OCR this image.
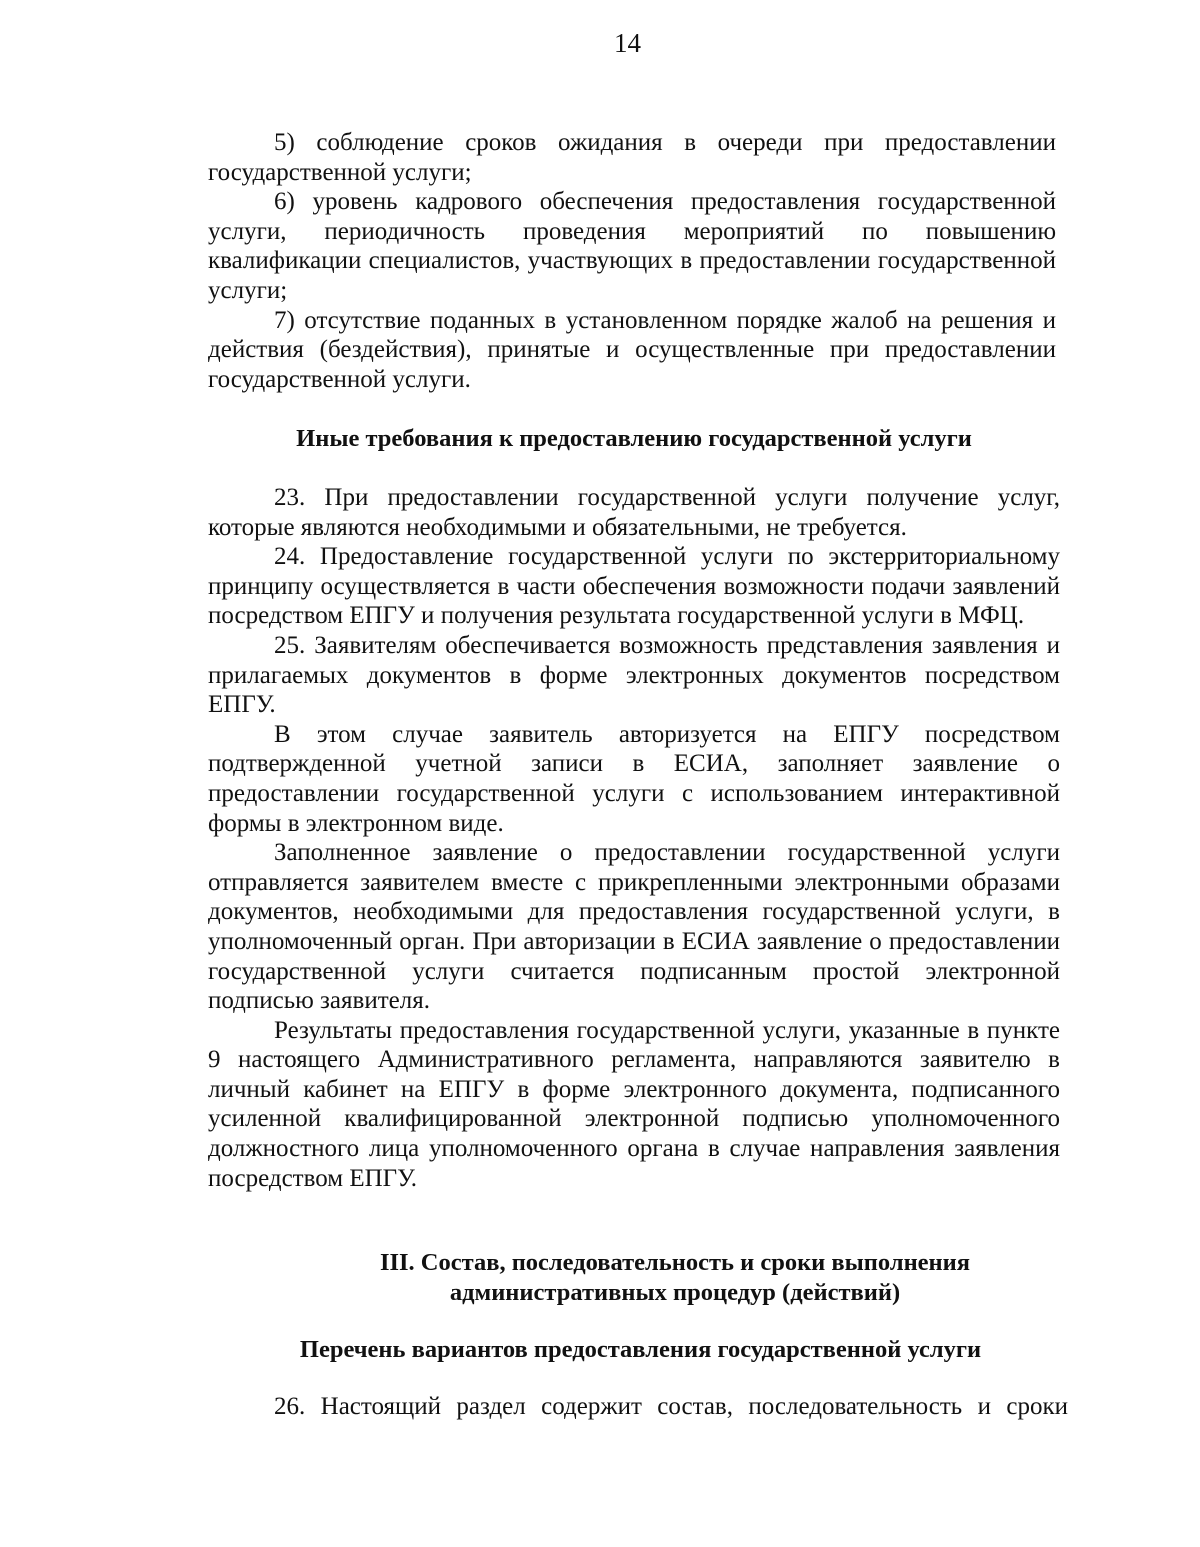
14

5) соблюдение сроков ожидания в очереди при предоставлении государственной услуги;

6) уровень кадрового обеспечения предоставления государственной услуги, периодичность проведения мероприятий по повышению квалификации специалистов, участвующих в предоставлении государственной услуги;

7) отсутствие поданных в установленном порядке жалоб на решения и действия (бездействия), принятые и осуществленные при предоставлении государственной услуги.

Иные требования к предоставлению государственной услуги

23. При предоставлении государственной услуги получение услуг, которые являются необходимыми и обязательными, не требуется.

24. Предоставление государственной услуги по экстерриториальному принципу осуществляется в части обеспечения возможности подачи заявлений посредством ЕПГУ и получения результата государственной услуги в МФЦ.

25. Заявителям обеспечивается возможность представления заявления и прилагаемых документов в форме электронных документов посредством ЕПГУ.

В этом случае заявитель авторизуется на ЕПГУ посредством подтвержденной учетной записи в ЕСИА, заполняет заявление о предоставлении государственной услуги с использованием интерактивной формы в электронном виде.

Заполненное заявление о предоставлении государственной услуги отправляется заявителем вместе с прикрепленными электронными образами документов, необходимыми для предоставления государственной услуги, в уполномоченный орган. При авторизации в ЕСИА заявление о предоставлении государственной услуги считается подписанным простой электронной подписью заявителя.

Результаты предоставления государственной услуги, указанные в пункте 9 настоящего Административного регламента, направляются заявителю в личный кабинет на ЕПГУ в форме электронного документа, подписанного усиленной квалифицированной электронной подписью уполномоченного должностного лица уполномоченного органа в случае направления заявления посредством ЕПГУ.

III. Состав, последовательность и сроки выполнения
административных процедур (действий)
Перечень вариантов предоставления государственной услуги

26. Настоящий раздел содержит состав, последовательность и сроки
